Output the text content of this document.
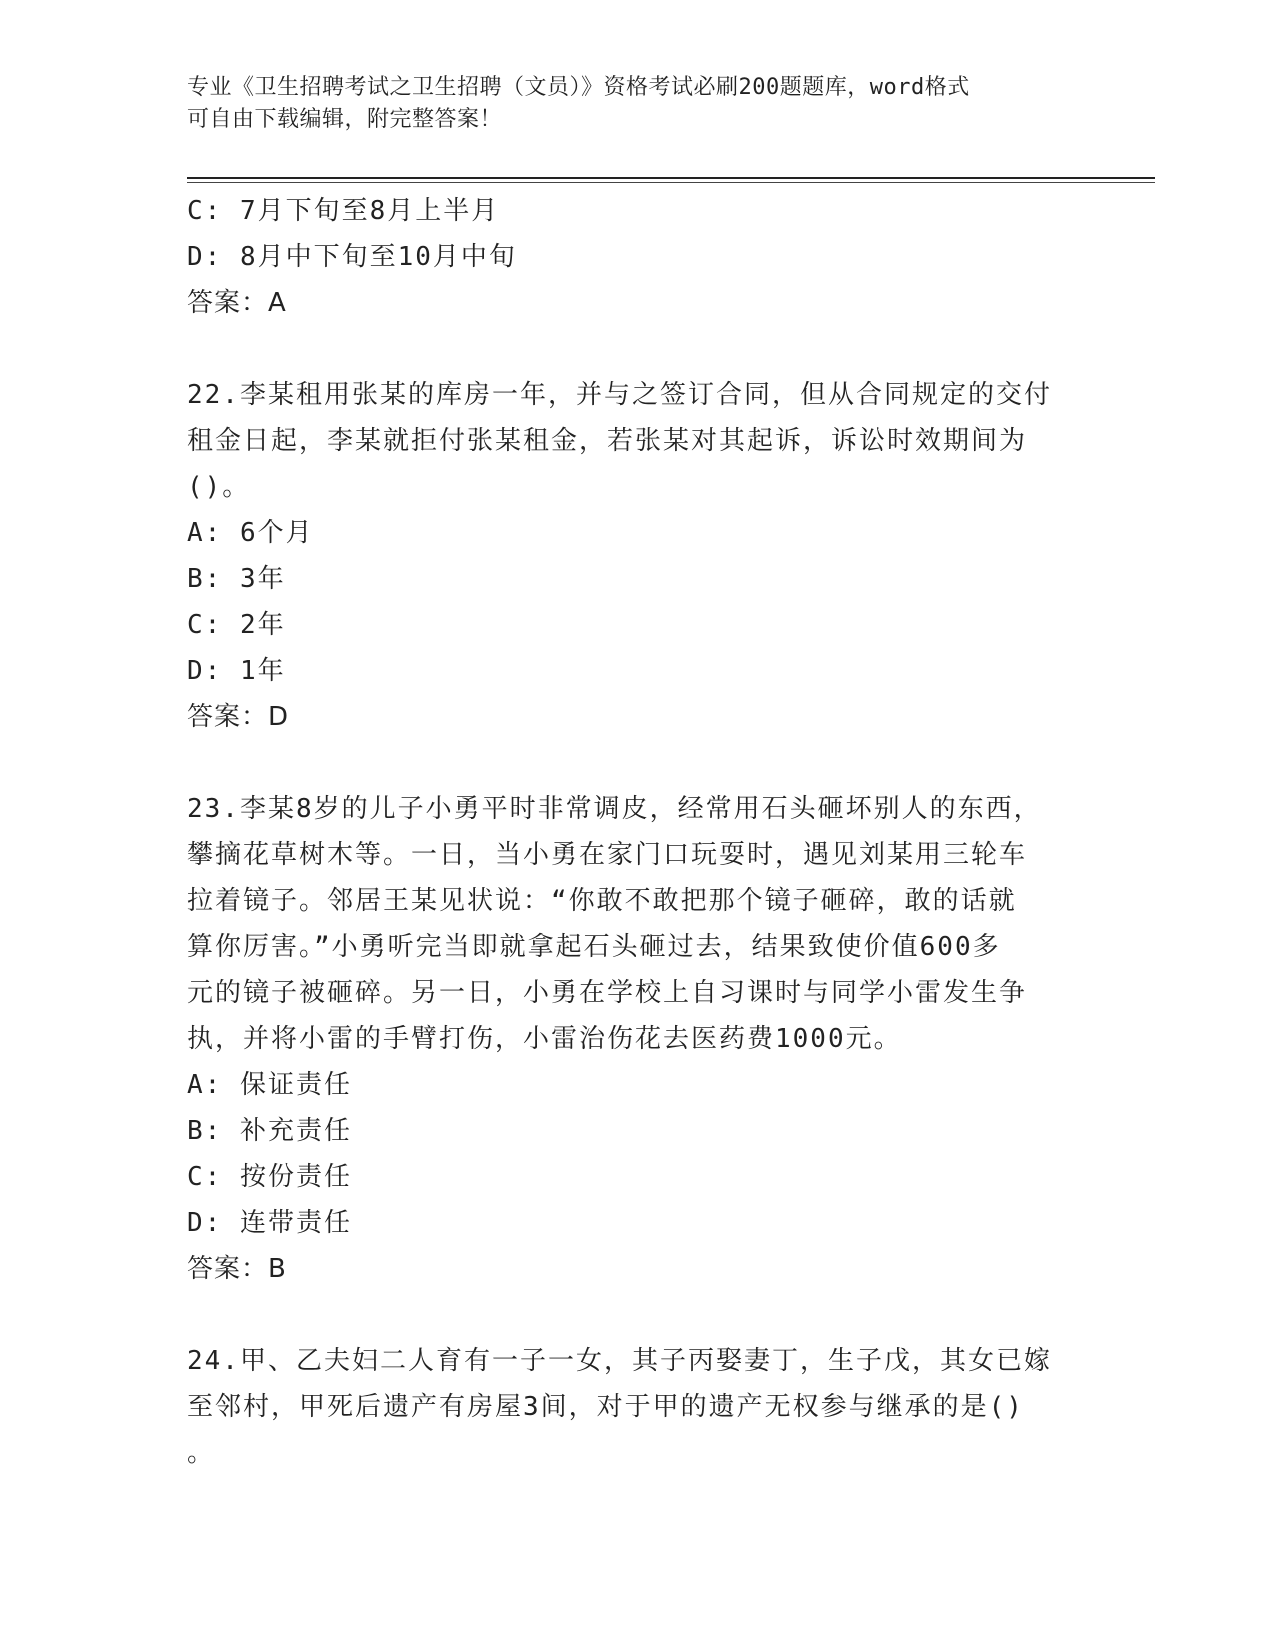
专业《卫生招聘考试之卫生招聘（文员）》资格考试必刷200题题库，word格式
可自由下载编辑，附完整答案！
C: 7月下旬至8月上半月
D: 8月中下旬至10月中旬
答案：A
22.李某租用张某的库房一年，并与之签订合同，但从合同规定的交付
租金日起，李某就拒付张某租金，若张某对其起诉，诉讼时效期间为
()。
A: 6个月
B: 3年
C: 2年
D: 1年
答案：D
23.李某8岁的儿子小勇平时非常调皮，经常用石头砸坏别人的东西，
攀摘花草树木等。一日，当小勇在家门口玩耍时，遇见刘某用三轮车
拉着镜子。邻居王某见状说：“你敢不敢把那个镜子砸碎，敢的话就
算你厉害。”小勇听完当即就拿起石头砸过去，结果致使价值600多
元的镜子被砸碎。另一日，小勇在学校上自习课时与同学小雷发生争
执，并将小雷的手臂打伤，小雷治伤花去医药费1000元。
A: 保证责任
B: 补充责任
C: 按份责任
D: 连带责任
答案：B
24.甲、乙夫妇二人育有一子一女，其子丙娶妻丁，生子戊，其女已嫁
至邻村，甲死后遗产有房屋3间，对于甲的遗产无权参与继承的是()
。
